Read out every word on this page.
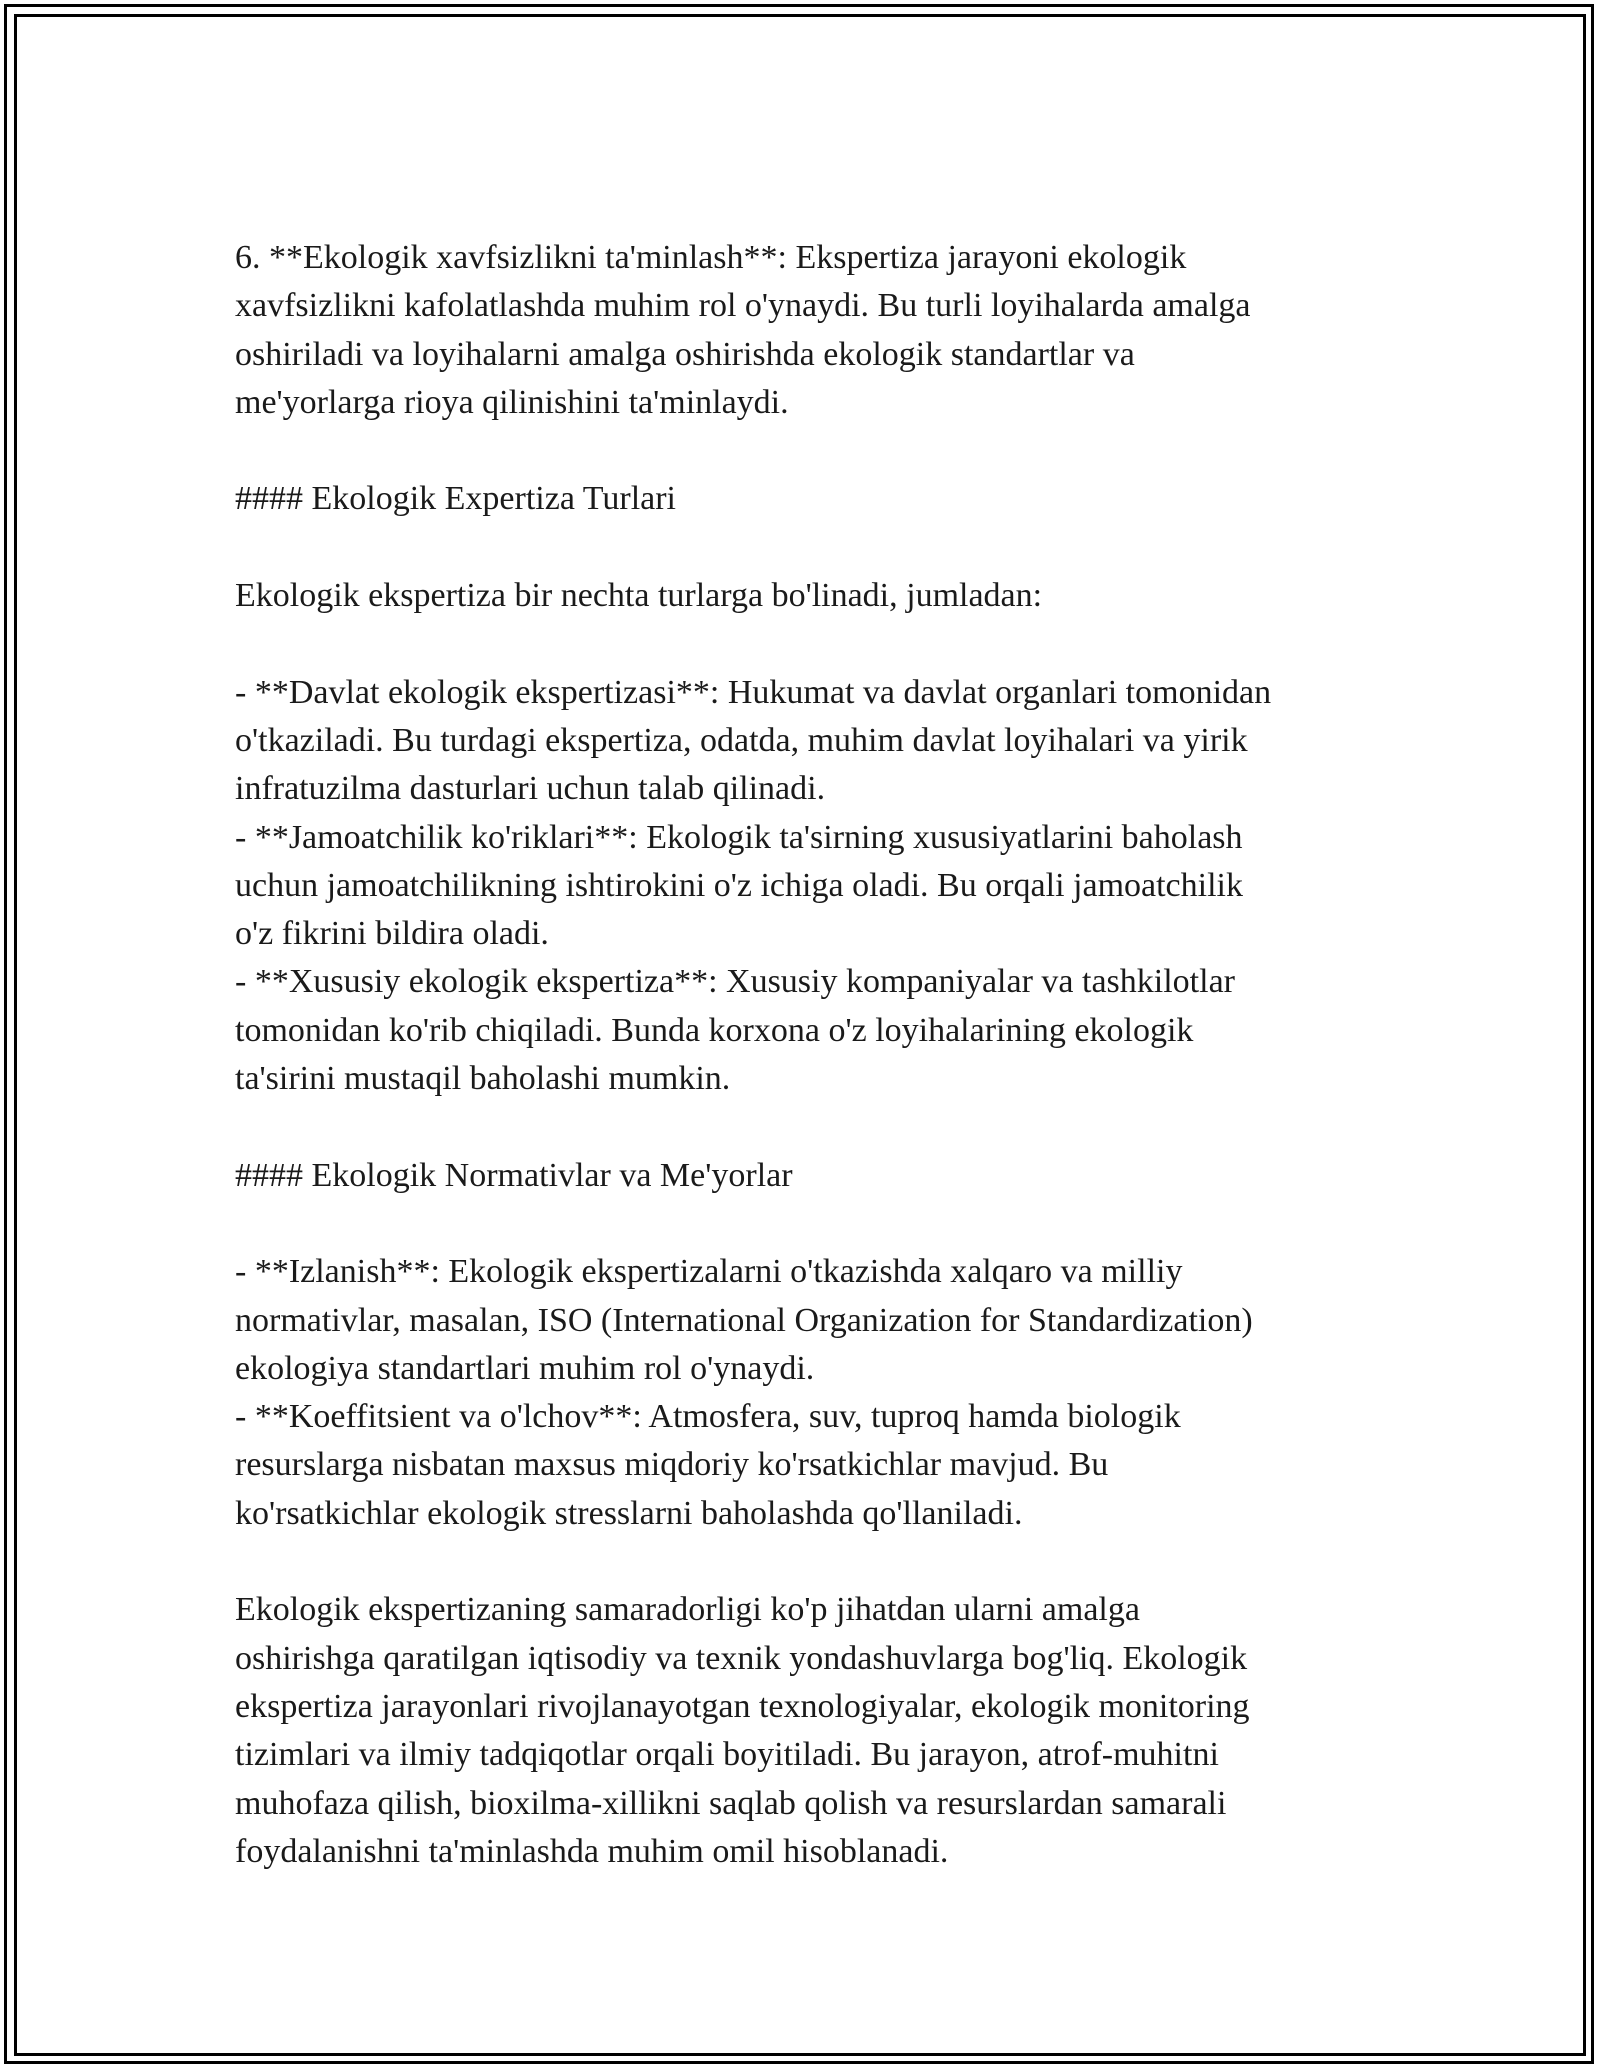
6. **Ekologik xavfsizlikni ta'minlash**: Ekspertiza jarayoni ekologik
xavfsizlikni kafolatlashda muhim rol o'ynaydi. Bu turli loyihalarda amalga
oshiriladi va loyihalarni amalga oshirishda ekologik standartlar va
me'yorlarga rioya qilinishini ta'minlaydi.
#### Ekologik Expertiza Turlari
Ekologik ekspertiza bir nechta turlarga bo'linadi, jumladan:
- **Davlat ekologik ekspertizasi**: Hukumat va davlat organlari tomonidan
o'tkaziladi. Bu turdagi ekspertiza, odatda, muhim davlat loyihalari va yirik
infratuzilma dasturlari uchun talab qilinadi.
- **Jamoatchilik ko'riklari**: Ekologik ta'sirning xususiyatlarini baholash
uchun jamoatchilikning ishtirokini o'z ichiga oladi. Bu orqali jamoatchilik
o'z fikrini bildira oladi.
- **Xususiy ekologik ekspertiza**: Xususiy kompaniyalar va tashkilotlar
tomonidan ko'rib chiqiladi. Bunda korxona o'z loyihalarining ekologik
ta'sirini mustaqil baholashi mumkin.
#### Ekologik Normativlar va Me'yorlar
- **Izlanish**: Ekologik ekspertizalarni o'tkazishda xalqaro va milliy
normativlar, masalan, ISO (International Organization for Standardization)
ekologiya standartlari muhim rol o'ynaydi.
- **Koeffitsient va o'lchov**: Atmosfera, suv, tuproq hamda biologik
resurslarga nisbatan maxsus miqdoriy ko'rsatkichlar mavjud. Bu
ko'rsatkichlar ekologik stresslarni baholashda qo'llaniladi.
Ekologik ekspertizaning samaradorligi ko'p jihatdan ularni amalga
oshirishga qaratilgan iqtisodiy va texnik yondashuvlarga bog'liq. Ekologik
ekspertiza jarayonlari rivojlanayotgan texnologiyalar, ekologik monitoring
tizimlari va ilmiy tadqiqotlar orqali boyitiladi. Bu jarayon, atrof-muhitni
muhofaza qilish, bioxilma-xillikni saqlab qolish va resurslardan samarali
foydalanishni ta'minlashda muhim omil hisoblanadi.
